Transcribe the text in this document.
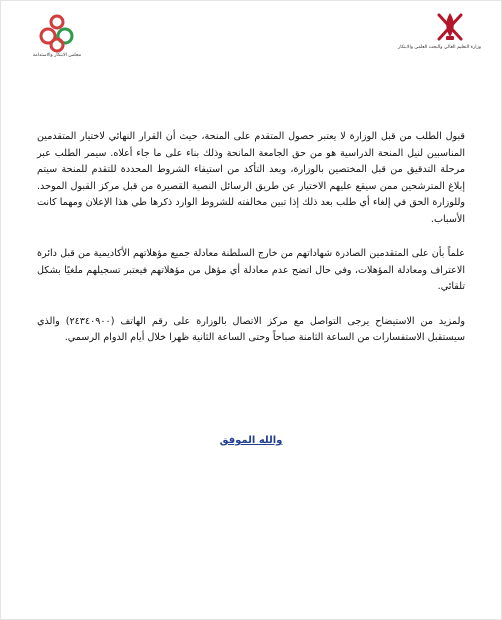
مجلس الابتكار والاستدامة
وزارة التعليم العالي والبحث العلمي والابتكار

قبول الطلب من قبل الوزارة لا يعتبر حصول المتقدم على المنحة، حيث أن القرار النهائي لاختيار المتقدمين المناسبين لنيل المنحة الدراسية هو من حق الجامعة المانحة وذلك بناء على ما جاء أعلاه. سيمر الطلب عبر مرحلة التدقيق من قبل المختصين بالوزارة، وبعد التأكد من استيفاء الشروط المحددة للتقدم للمنحة سيتم إبلاغ المترشحين ممن سيقع عليهم الاختيار عن طريق الرسائل النصية القصيرة من قبل مركز القبول الموحد. وللوزارة الحق في إلغاء أي طلب بعد ذلك إذا تبين مخالفته للشروط الوارد ذكرها طي هذا الإعلان ومهما كانت الأسباب.

علماً بأن على المتقدمين الصادرة شهاداتهم من خارج السلطنة معادلة جميع مؤهلاتهم الأكاديمية من قبل دائرة الاعتراف ومعادلة المؤهلات، وفي حال اتضح عدم معادلة أي مؤهل من مؤهلاتهم فيعتبر تسجيلهم ملغيًا بشكل تلقائي.

ولمزيد من الاستيضاح يرجى التواصل مع مركز الاتصال بالوزارة على رقم الهاتف (٢٤٣٤٠٩٠٠) والذي سيستقبل الاستفسارات من الساعة الثامنة صباحاً وحتى الساعة الثانية ظهرا خلال أيام الدوام الرسمي.

والله الموفق
